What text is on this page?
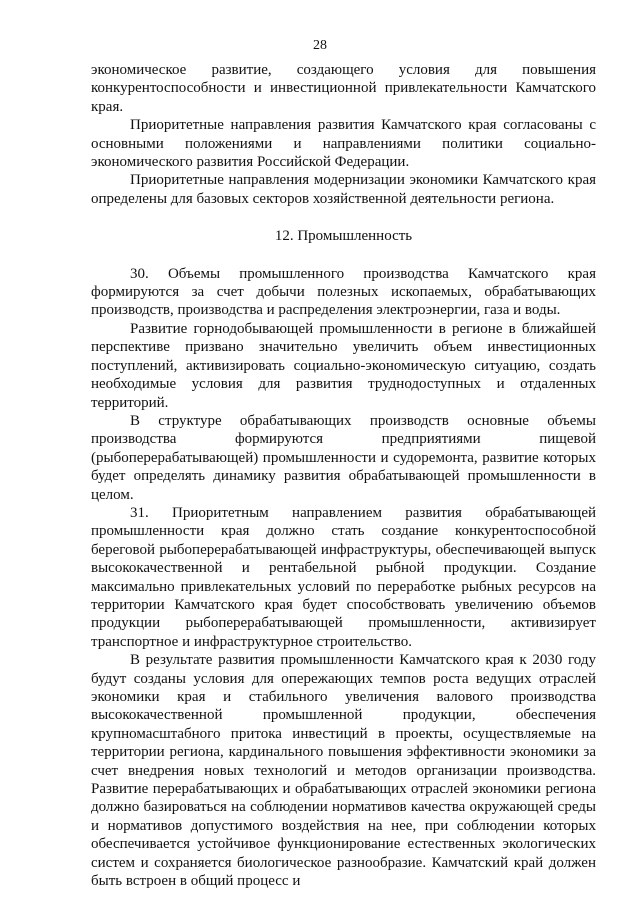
28

экономическое развитие, создающего условия для повышения конкурентоспособности и инвестиционной привлекательности Камчатского края.

Приоритетные направления развития Камчатского края согласованы с основными положениями и направлениями политики социально-экономического развития Российской Федерации.

Приоритетные направления модернизации экономики Камчатского края определены для базовых секторов хозяйственной деятельности региона.

12. Промышленность

30. Объемы промышленного производства Камчатского края формируются за счет добычи полезных ископаемых, обрабатывающих производств, производства и распределения электроэнергии, газа и воды.

Развитие горнодобывающей промышленности в регионе в ближайшей перспективе призвано значительно увеличить объем инвестиционных поступлений, активизировать социально-экономическую ситуацию, создать необходимые условия для развития труднодоступных и отдаленных территорий.

В структуре обрабатывающих производств основные объемы производства формируются предприятиями пищевой (рыбоперерабатывающей) промышленности и судоремонта, развитие которых будет определять динамику развития обрабатывающей промышленности в целом.

31. Приоритетным направлением развития обрабатывающей промышленности края должно стать создание конкурентоспособной береговой рыбоперерабатывающей инфраструктуры, обеспечивающей выпуск высококачественной и рентабельной рыбной продукции. Создание максимально привлекательных условий по переработке рыбных ресурсов на территории Камчатского края будет способствовать увеличению объемов продукции рыбоперерабатывающей промышленности, активизирует транспортное и инфраструктурное строительство.

В результате развития промышленности Камчатского края к 2030 году будут созданы условия для опережающих темпов роста ведущих отраслей экономики края и стабильного увеличения валового производства высококачественной промышленной продукции, обеспечения крупномасштабного притока инвестиций в проекты, осуществляемые на территории региона, кардинального повышения эффективности экономики за счет внедрения новых технологий и методов организации производства. Развитие перерабатывающих и обрабатывающих отраслей экономики региона должно базироваться на соблюдении нормативов качества окружающей среды и нормативов допустимого воздействия на нее, при соблюдении которых обеспечивается устойчивое функционирование естественных экологических систем и сохраняется биологическое разнообразие. Камчатский край должен быть встроен в общий процесс и
